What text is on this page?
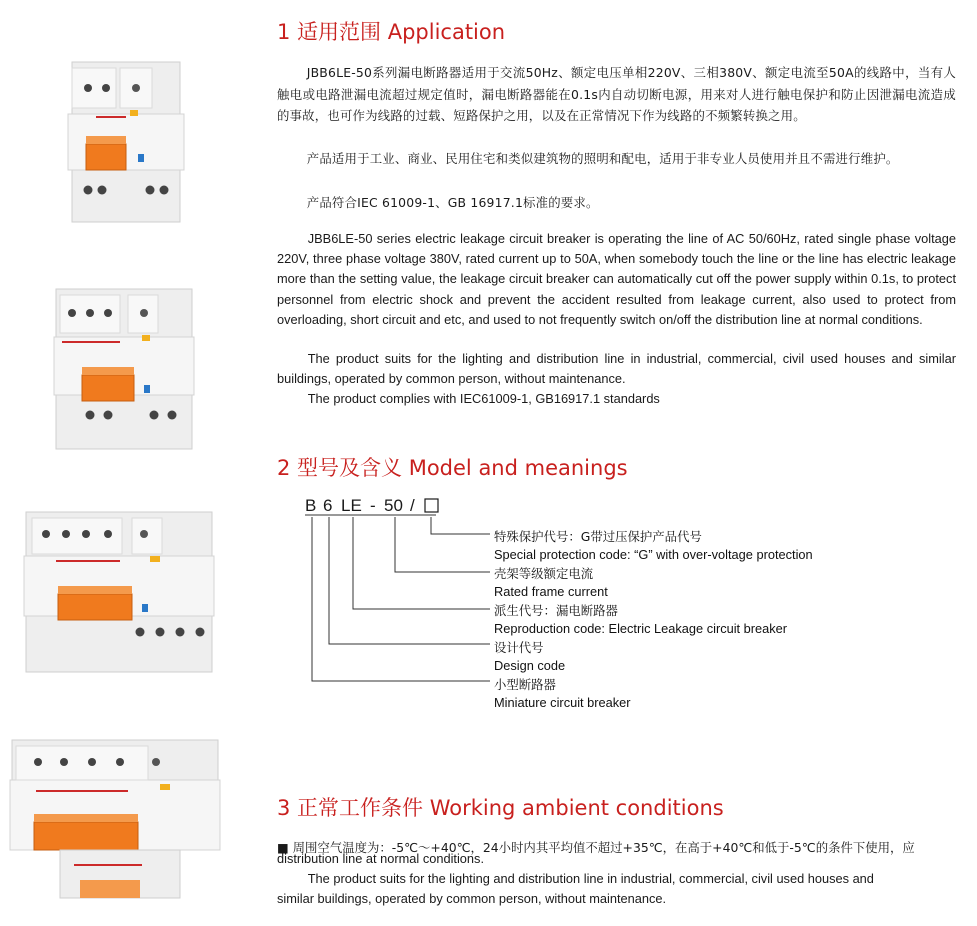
1 适用范围 Application

JBB6LE-50系列漏电断路器适用于交流50Hz、额定电压单相220V、三相380V、额定电流至50A的线路中，当有人触电或电路泄漏电流超过规定值时，漏电断路器能在0.1s内自动切断电源，用来对人进行触电保护和防止因泄漏电流造成的事故，也可作为线路的过载、短路保护之用，以及在正常情况下作为线路的不频繁转换之用。

产品适用于工业、商业、民用住宅和类似建筑物的照明和配电，适用于非专业人员使用并且不需进行维护。

产品符合IEC 61009-1、GB 16917.1标准的要求。

JBB6LE-50 series electric leakage circuit breaker is operating the line of AC 50/60Hz, rated single phase voltage 220V, three phase voltage 380V, rated current up to 50A, when somebody touch the line or the line has electric leakage more than the setting value, the leakage circuit breaker can automatically cut off the power supply within 0.1s, to protect personnel from electric shock and prevent the accident resulted from leakage current, also used to protect from overloading, short circuit and etc, and used to not frequently switch on/off the distribution line at normal conditions.

The product suits for the lighting and distribution line in industrial, commercial, civil used houses and similar buildings, operated by common person, without maintenance.

The product complies with IEC61009-1, GB16917.1 standards

2 型号及含义 Model and meanings
B 6 LE - 50 /
特殊保护代号：G带过压保护产品代号
Special protection code: “G” with over-voltage protection
壳架等级额定电流
Rated frame current
派生代号：漏电断路器
Reproduction code: Electric Leakage circuit breaker
设计代号
Design code
小型断路器
Miniature circuit breaker
3 正常工作条件 Working ambient conditions
■ 周围空气温度为：-5℃～+40℃，24小时内其平均值不超过+35℃，在高于+40℃和低于-5℃的条件下使用，应
distribution line at normal conditions.
The product suits for the lighting and distribution line in industrial, commercial, civil used houses and
similar buildings, operated by common person, without maintenance.
